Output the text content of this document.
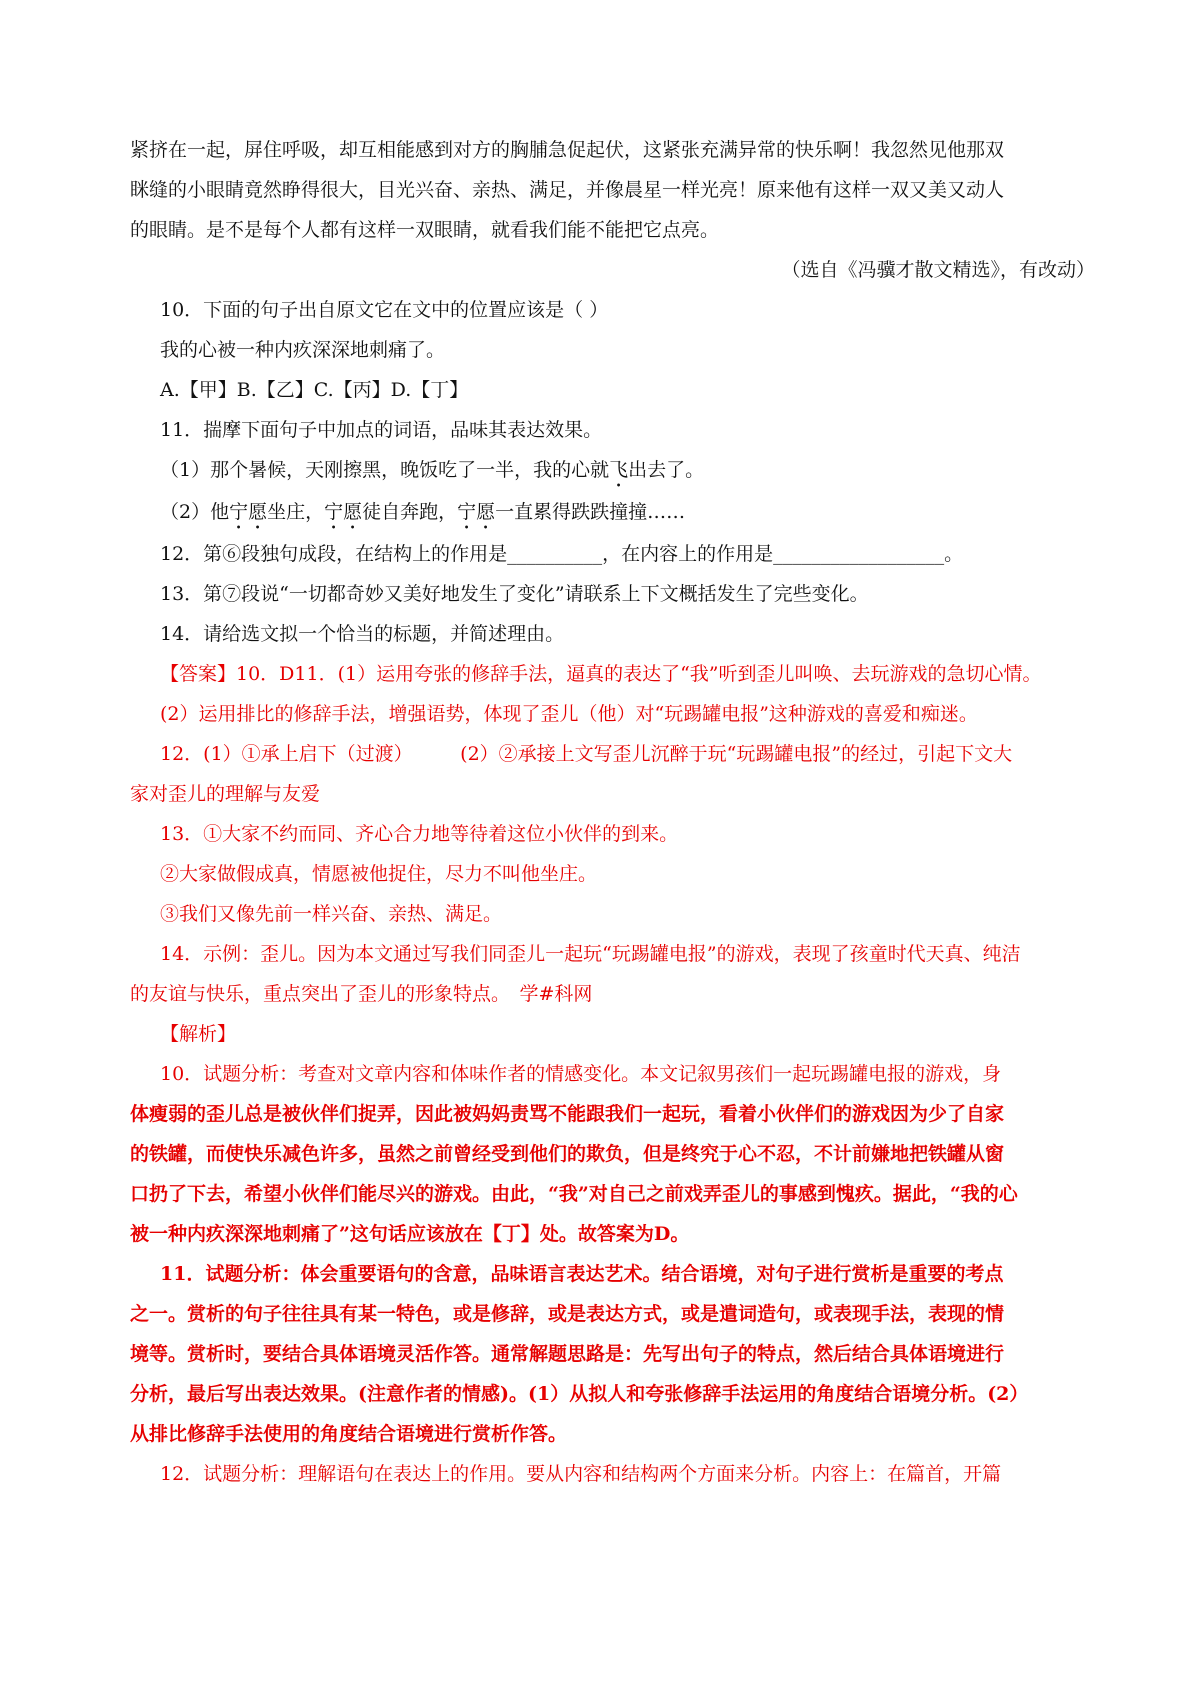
紧挤在一起，屏住呼吸，却互相能感到对方的胸脯急促起伏，这紧张充满异常的快乐啊！我忽然见他那双

眯缝的小眼睛竟然睁得很大，目光兴奋、亲热、满足，并像晨星一样光亮！原来他有这样一双又美又动人

的眼睛。是不是每个人都有这样一双眼睛，就看我们能不能把它点亮。

（选自《冯骥才散文精选》，有改动）

10．下面的句子出自原文它在文中的位置应该是（ ）

我的心被一种内疚深深地刺痛了。

A.【甲】B.【乙】C.【丙】D.【丁】

11．揣摩下面句子中加点的词语，品味其表达效果。

（1）那个暑候，天刚擦黑，晚饭吃了一半，我的心就飞出去了。

（2）他宁愿坐庄，宁愿徒自奔跑，宁愿一直累得跌跌撞撞……

12．第⑥段独句成段，在结构上的作用是__________，在内容上的作用是__________________。

13．第⑦段说“一切都奇妙又美好地发生了变化”请联系上下文概括发生了完些变化。

14．请给选文拟一个恰当的标题，并简述理由。

【答案】10．D11．(1）运用夸张的修辞手法，逼真的表达了“我”听到歪儿叫唤、去玩游戏的急切心情。

(2）运用排比的修辞手法，增强语势，体现了歪儿（他）对“玩踢罐电报”这种游戏的喜爱和痴迷。

12．(1）①承上启下（过渡）　　　(2）②承接上文写歪儿沉醉于玩“玩踢罐电报”的经过，引起下文大

家对歪儿的理解与友爱

13．①大家不约而同、齐心合力地等待着这位小伙伴的到来。

②大家做假成真，情愿被他捉住，尽力不叫他坐庄。

③我们又像先前一样兴奋、亲热、满足。

14．示例：歪儿。因为本文通过写我们同歪儿一起玩“玩踢罐电报”的游戏，表现了孩童时代天真、纯洁

的友谊与快乐，重点突出了歪儿的形象特点。　学#科网

【解析】

10．试题分析：考查对文章内容和体味作者的情感变化。本文记叙男孩们一起玩踢罐电报的游戏，身

体瘦弱的歪儿总是被伙伴们捉弄，因此被妈妈责骂不能跟我们一起玩，看着小伙伴们的游戏因为少了自家

的铁罐，而使快乐减色许多，虽然之前曾经受到他们的欺负，但是终究于心不忍，不计前嫌地把铁罐从窗

口扔了下去，希望小伙伴们能尽兴的游戏。由此，“我”对自己之前戏弄歪儿的事感到愧疚。据此，“我的心

被一种内疚深深地刺痛了”这句话应该放在【丁】处。故答案为D。

11．试题分析：体会重要语句的含意，品味语言表达艺术。结合语境，对句子进行赏析是重要的考点

之一。赏析的句子往往具有某一特色，或是修辞，或是表达方式，或是遣词造句，或表现手法，表现的情

境等。赏析时，要结合具体语境灵活作答。通常解题思路是：先写出句子的特点，然后结合具体语境进行

分析，最后写出表达效果。(注意作者的情感)。(1）从拟人和夸张修辞手法运用的角度结合语境分析。(2）

从排比修辞手法使用的角度结合语境进行赏析作答。

12．试题分析：理解语句在表达上的作用。要从内容和结构两个方面来分析。内容上：在篇首，开篇
